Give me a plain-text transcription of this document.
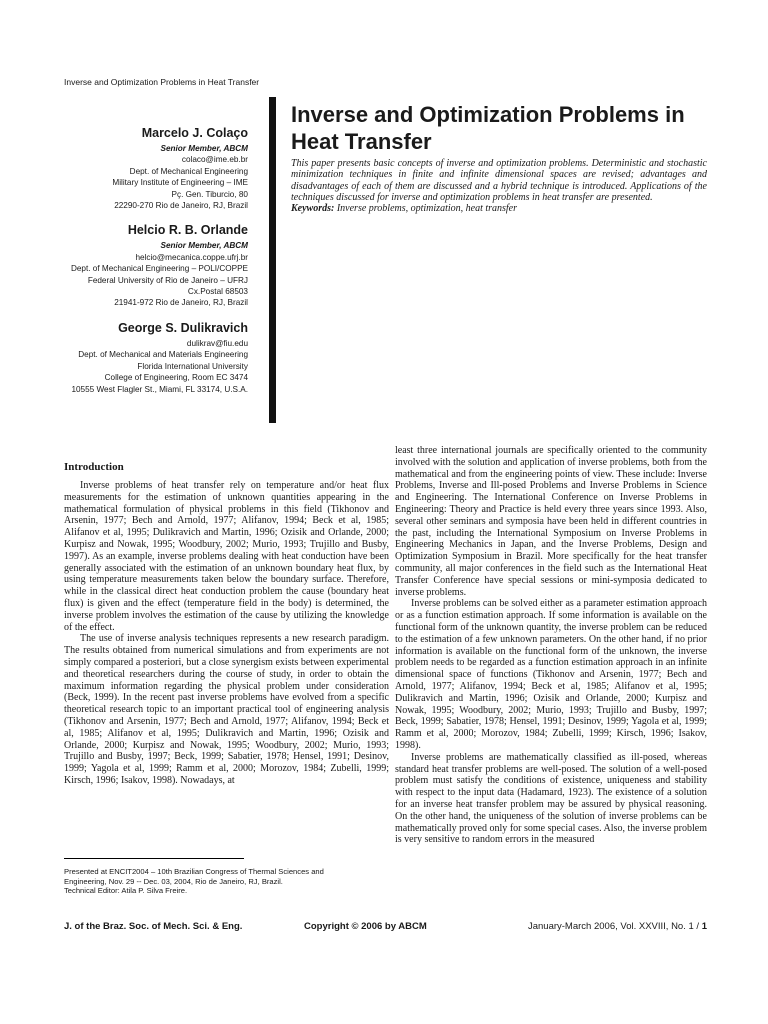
Inverse and Optimization Problems in Heat Transfer
Marcelo J. Colaço
Senior Member, ABCM
colaco@ime.eb.br
Dept. of Mechanical Engineering
Military Institute of Engineering – IME
Pç. Gen. Tiburcio, 80
22290-270 Rio de Janeiro, RJ, Brazil
Helcio R. B. Orlande
Senior Member, ABCM
helcio@mecanica.coppe.ufrj.br
Dept. of Mechanical Engineering – POLI/COPPE
Federal University of Rio de Janeiro – UFRJ
Cx.Postal 68503
21941-972 Rio de Janeiro, RJ, Brazil
George S. Dulikravich
dulikrav@fiu.edu
Dept. of Mechanical and Materials Engineering
Florida International University
College of Engineering, Room EC 3474
10555 West Flagler St., Miami, FL 33174, U.S.A.
Inverse and Optimization Problems in Heat Transfer
This paper presents basic concepts of inverse and optimization problems. Deterministic and stochastic minimization techniques in finite and infinite dimensional spaces are revised; advantages and disadvantages of each of them are discussed and a hybrid technique is introduced. Applications of the techniques discussed for inverse and optimization problems in heat transfer are presented.
Keywords: Inverse problems, optimization, heat transfer

Introduction

Inverse problems of heat transfer rely on temperature and/or heat flux measurements for the estimation of unknown quantities appearing in the mathematical formulation of physical problems in this field (Tikhonov and Arsenin, 1977; Bech and Arnold, 1977; Alifanov, 1994; Beck et al, 1985; Alifanov et al, 1995; Dulikravich and Martin, 1996; Ozisik and Orlande, 2000; Kurpisz and Nowak, 1995; Woodbury, 2002; Murio, 1993; Trujillo and Busby, 1997). As an example, inverse problems dealing with heat conduction have been generally associated with the estimation of an unknown boundary heat flux, by using temperature measurements taken below the boundary surface. Therefore, while in the classical direct heat conduction problem the cause (boundary heat flux) is given and the effect (temperature field in the body) is determined, the inverse problem involves the estimation of the cause by utilizing the knowledge of the effect.

The use of inverse analysis techniques represents a new research paradigm. The results obtained from numerical simulations and from experiments are not simply compared a posteriori, but a close synergism exists between experimental and theoretical researchers during the course of study, in order to obtain the maximum information regarding the physical problem under consideration (Beck, 1999). In the recent past inverse problems have evolved from a specific theoretical research topic to an important practical tool of engineering analysis (Tikhonov and Arsenin, 1977; Bech and Arnold, 1977; Alifanov, 1994; Beck et al, 1985; Alifanov et al, 1995; Dulikravich and Martin, 1996; Ozisik and Orlande, 2000; Kurpisz and Nowak, 1995; Woodbury, 2002; Murio, 1993; Trujillo and Busby, 1997; Beck, 1999; Sabatier, 1978; Hensel, 1991; Desinov, 1999; Yagola et al, 1999; Ramm et al, 2000; Morozov, 1984; Zubelli, 1999; Kirsch, 1996; Isakov, 1998). Nowadays, at

least three international journals are specifically oriented to the community involved with the solution and application of inverse problems, both from the mathematical and from the engineering points of view. These include: Inverse Problems, Inverse and Ill-posed Problems and Inverse Problems in Science and Engineering. The International Conference on Inverse Problems in Engineering: Theory and Practice is held every three years since 1993. Also, several other seminars and symposia have been held in different countries in the past, including the International Symposium on Inverse Problems in Engineering Mechanics in Japan, and the Inverse Problems, Design and Optimization Symposium in Brazil. More specifically for the heat transfer community, all major conferences in the field such as the International Heat Transfer Conference have special sessions or mini-symposia dedicated to inverse problems.

Inverse problems can be solved either as a parameter estimation approach or as a function estimation approach. If some information is available on the functional form of the unknown quantity, the inverse problem can be reduced to the estimation of a few unknown parameters. On the other hand, if no prior information is available on the functional form of the unknown, the inverse problem needs to be regarded as a function estimation approach in an infinite dimensional space of functions (Tikhonov and Arsenin, 1977; Bech and Arnold, 1977; Alifanov, 1994; Beck et al, 1985; Alifanov et al, 1995; Dulikravich and Martin, 1996; Ozisik and Orlande, 2000; Kurpisz and Nowak, 1995; Woodbury, 2002; Murio, 1993; Trujillo and Busby, 1997; Beck, 1999; Sabatier, 1978; Hensel, 1991; Desinov, 1999; Yagola et al, 1999; Ramm et al, 2000; Morozov, 1984; Zubelli, 1999; Kirsch, 1996; Isakov, 1998).

Inverse problems are mathematically classified as ill-posed, whereas standard heat transfer problems are well-posed. The solution of a well-posed problem must satisfy the conditions of existence, uniqueness and stability with respect to the input data (Hadamard, 1923). The existence of a solution for an inverse heat transfer problem may be assured by physical reasoning. On the other hand, the uniqueness of the solution of inverse problems can be mathematically proved only for some special cases. Also, the inverse problem is very sensitive to random errors in the measured

Presented at ENCIT2004 – 10th Brazilian Congress of Thermal Sciences and
Engineering, Nov. 29 -- Dec. 03, 2004, Rio de Janeiro, RJ, Brazil.
Technical Editor: Atila P. Silva Freire.
J. of the Braz. Soc. of Mech. Sci. & Eng.	Copyright © 2006 by ABCM	January-March 2006, Vol. XXVIII, No. 1 / 1
